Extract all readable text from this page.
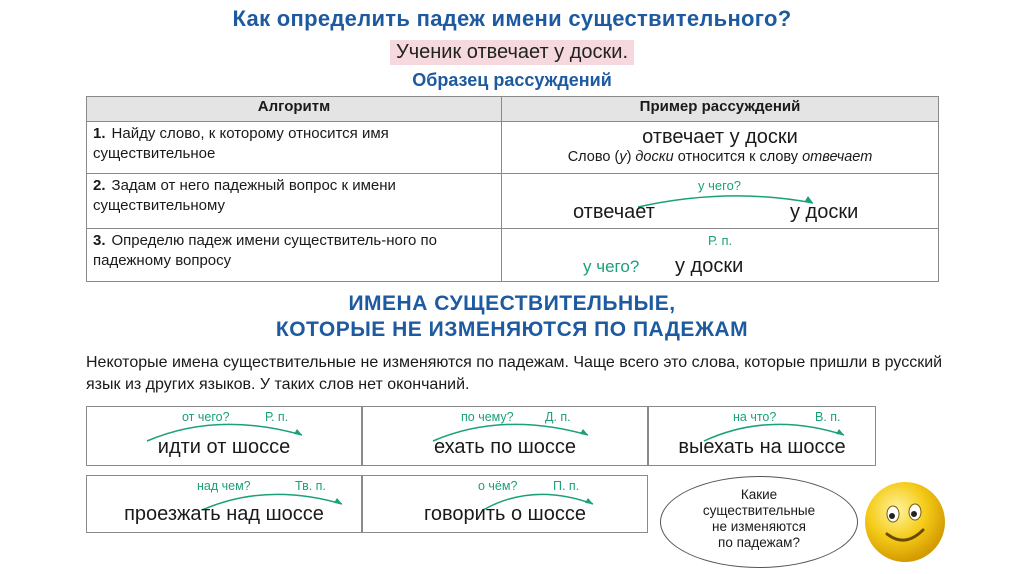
Как определить падеж имени существительного?
Ученик отвечает у доски.
Образец рассуждений
Алгоритм	Пример рассуждений
1. Найду слово, к которому относится имя существительное	отвечает у доски
Слово (у) доски относится к слову отвечает

2. Задам от него падежный вопрос к имени существительному	у чего?
отвечает у доски

3. Определю падеж имени существитель-ного по падежному вопросу	Р. п.
у чего? у доски
ИМЕНА СУЩЕСТВИТЕЛЬНЫЕ,
КОТОРЫЕ НЕ ИЗМЕНЯЮТСЯ ПО ПАДЕЖАМ
Некоторые имена существительные не изменяются по падежам. Чаще всего это слова, которые пришли в русский язык из других языков. У таких слов нет окончаний.
от чего?	Р. п.
идти от шоссе
по чему?	Д. п.
ехать по шоссе
на что?	В. п.
выехать на шоссе
над чем?	Тв. п.
проезжать над шоссе
о чём?	П. п.
говорить о шоссе
Какие
существительные
не изменяются
по падежам?
